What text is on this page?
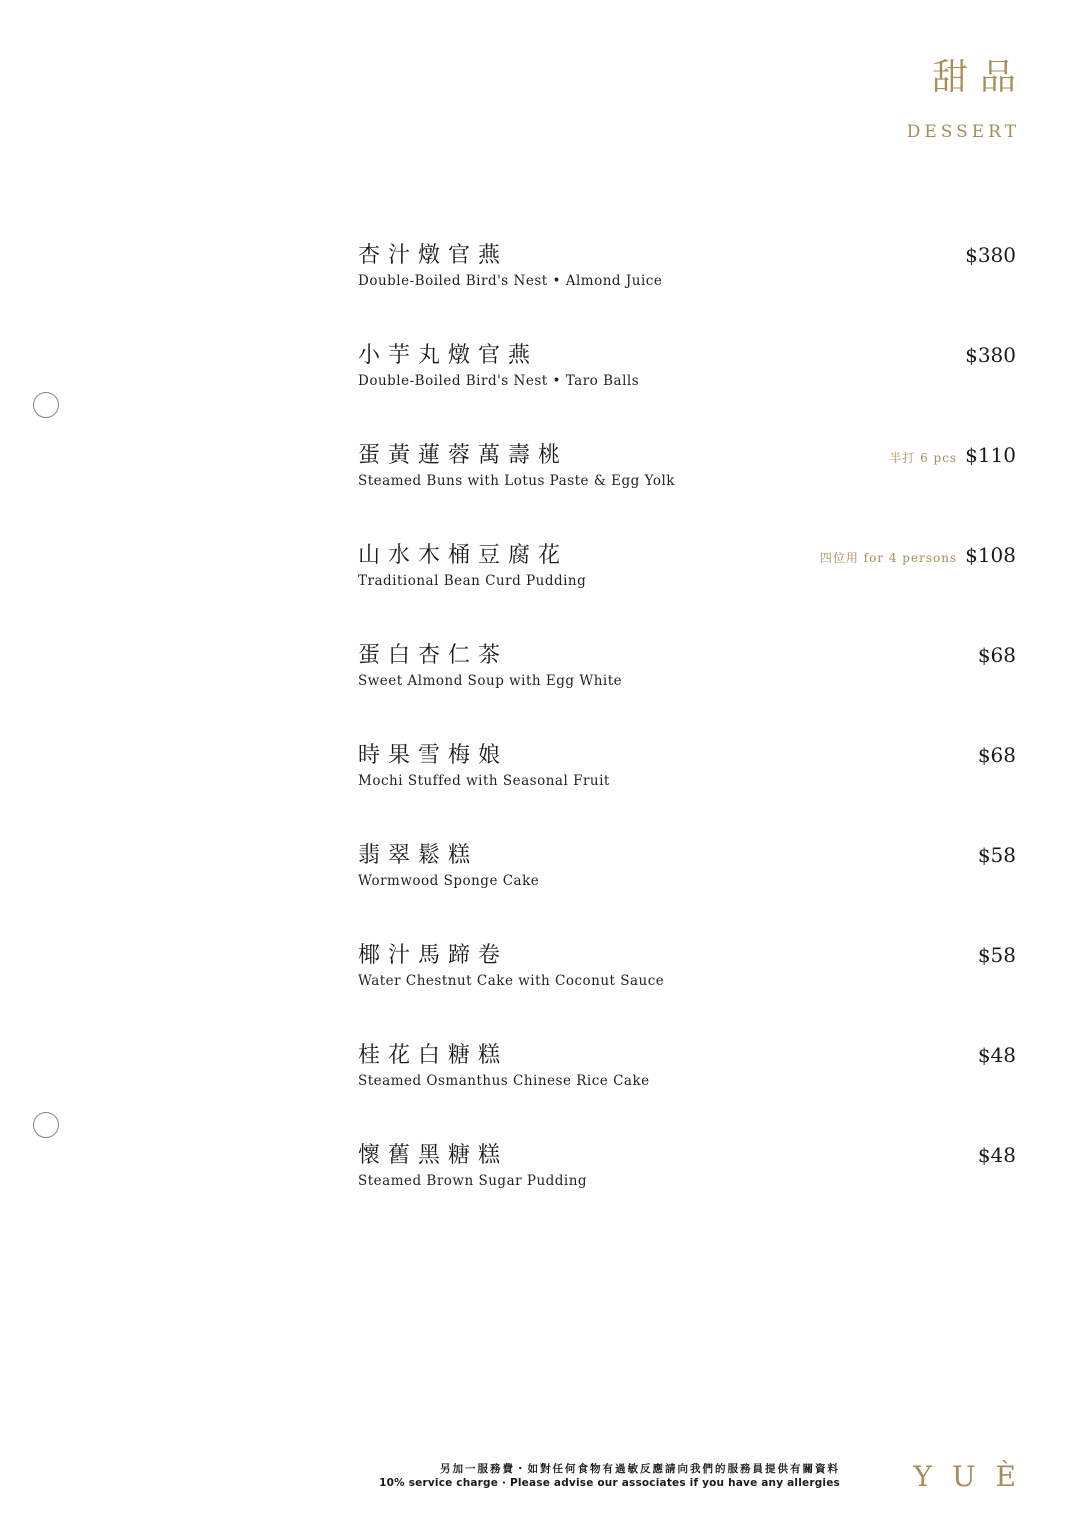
甜品
DESSERT
杏汁燉官燕
Double-Boiled Bird's Nest • Almond Juice
$380
小芋丸燉官燕
Double-Boiled Bird's Nest • Taro Balls
$380
蛋黃蓮蓉萬壽桃
Steamed Buns with Lotus Paste & Egg Yolk
半打 6 pcs $110
山水木桶豆腐花
Traditional Bean Curd Pudding
四位用 for 4 persons $108
蛋白杏仁茶
Sweet Almond Soup with Egg White
$68
時果雪梅娘
Mochi Stuffed with Seasonal Fruit
$68
翡翠鬆糕
Wormwood Sponge Cake
$58
椰汁馬蹄卷
Water Chestnut Cake with Coconut Sauce
$58
桂花白糖糕
Steamed Osmanthus Chinese Rice Cake
$48
懷舊黑糖糕
Steamed Brown Sugar Pudding
$48
另加一服務費・如對任何食物有過敏反應請向我們的服務員提供有關資料
10% service charge · Please advise our associates if you have any allergies	YUÈ
